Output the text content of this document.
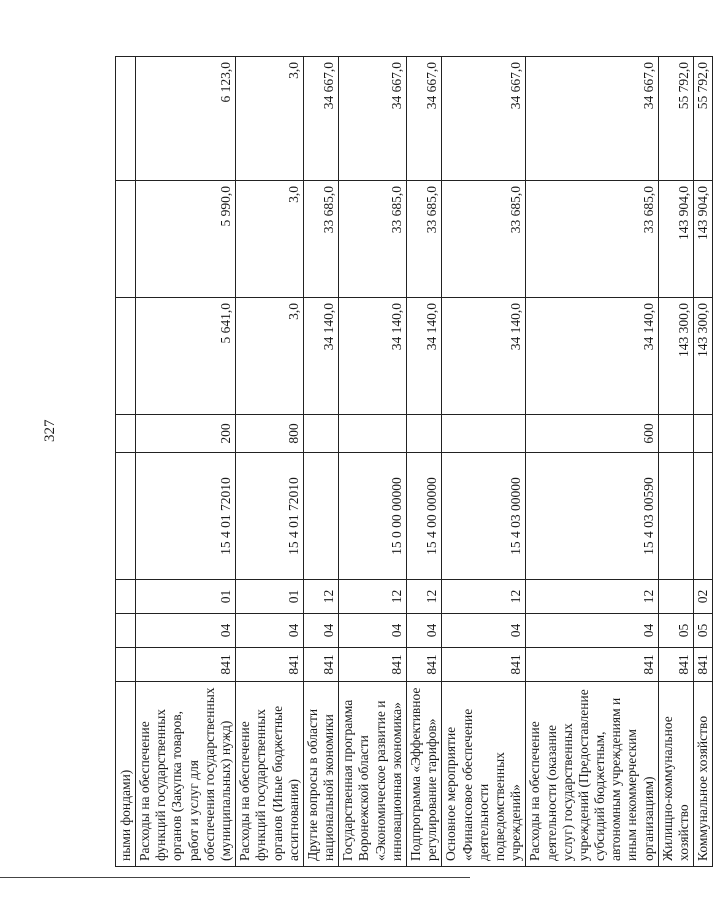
327
ными фондами)								
Расходы на обеспечение функций государственных органов (Закупка товаров, работ и услуг для обеспечения государственных (муниципальных) нужд)	841	04	01	15 4 01 72010	200	5 641,0	5 990,0	6 123,0
Расходы на обеспечение функций государственных органов (Иные бюджетные ассигнования)	841	04	01	15 4 01 72010	800	3,0	3,0	3,0
Другие вопросы в области национальной экономики	841	04	12			34 140,0	33 685,0	34 667,0
Государственная программа Воронежской области «Экономическое развитие и инновационная экономика»	841	04	12	15 0 00 00000		34 140,0	33 685,0	34 667,0
Подпрограмма «Эффективное регулирование тарифов»	841	04	12	15 4 00 00000		34 140,0	33 685,0	34 667,0
Основное мероприятие «Финансовое обеспечение деятельности подведомственных учреждений»	841	04	12	15 4 03 00000		34 140,0	33 685,0	34 667,0
Расходы на обеспечение деятельности (оказание услуг) государственных учреждений (Предоставление субсидий бюджетным, автономным учреждениям и иным некоммерческим организациям)	841	04	12	15 4 03 00590	600	34 140,0	33 685,0	34 667,0
Жилищно-коммунальное хозяйство	841	05				143 300,0	143 904,0	55 792,0
Коммунальное хозяйство	841	05	02			143 300,0	143 904,0	55 792,0
